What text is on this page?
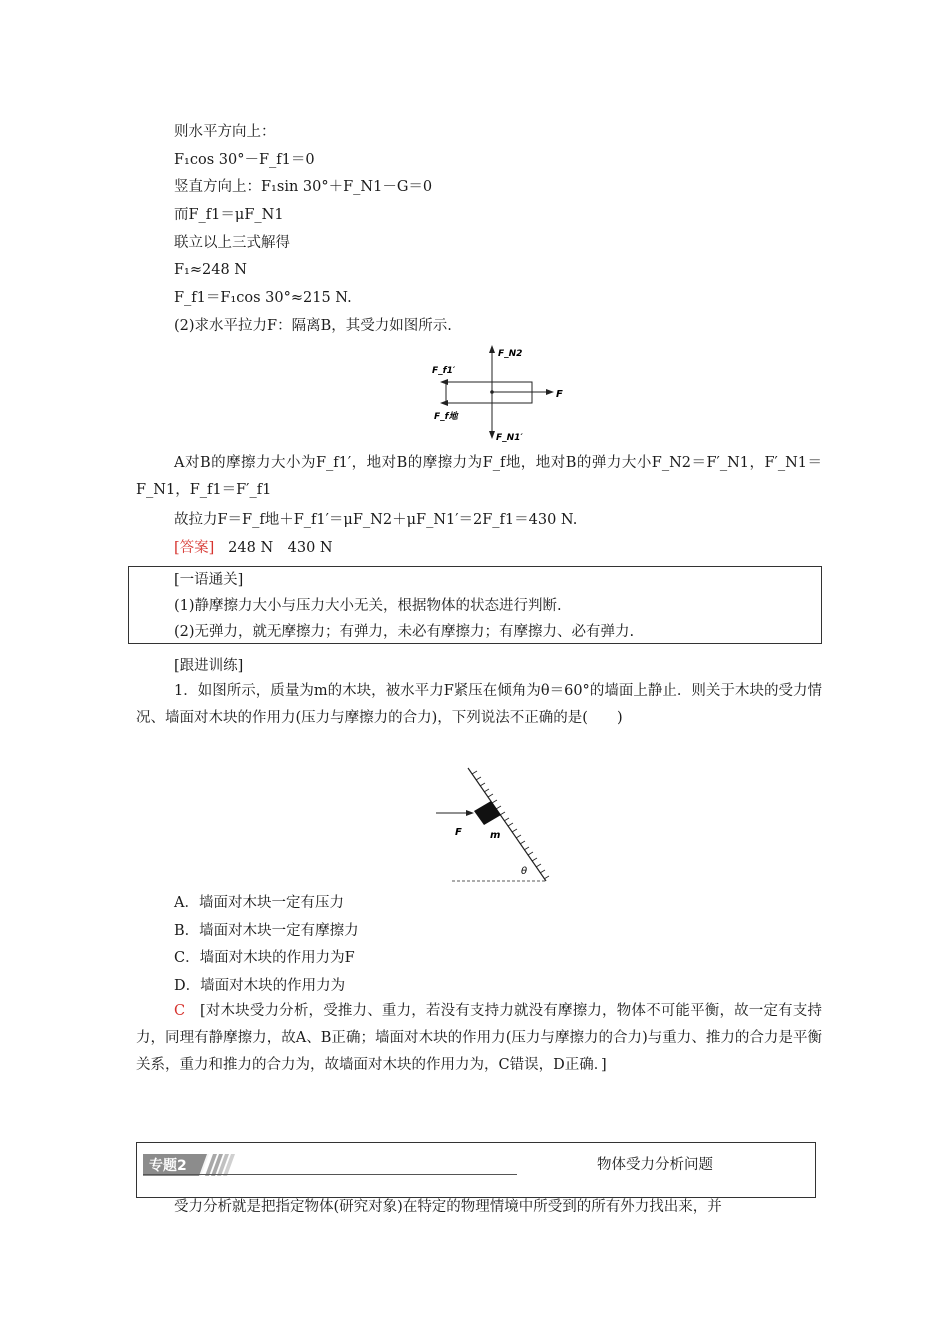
则水平方向上：
F₁cos 30°－F_f1＝0
竖直方向上：F₁sin 30°＋F_N1－G＝0
而F_f1＝μF_N1
联立以上三式解得
F₁≈248 N
F_f1＝F₁cos 30°≈215 N.
(2)求水平拉力F：隔离B，其受力如图所示.
F_N2
F_f1′
F
F_f地
F_N1′
A对B的摩擦力大小为F_f1′，地对B的摩擦力为F_f地，地对B的弹力大小F_N2＝F′_N1，F′_N1＝F_N1，F_f1＝F′_f1
故拉力F＝F_f地＋F_f1′＝μF_N2＋μF_N1′＝2F_f1＝430 N.
[答案] 248 N　430 N
[一语通关]
(1)静摩擦力大小与压力大小无关，根据物体的状态进行判断.
(2)无弹力，就无摩擦力；有弹力，未必有摩擦力；有摩擦力、必有弹力.
[跟进训练]
1．如图所示，质量为m的木块，被水平力F紧压在倾角为θ＝60°的墙面上静止．则关于木块的受力情况、墙面对木块的作用力(压力与摩擦力的合力)，下列说法不正确的是(　　)
F	m
θ
A．墙面对木块一定有压力
B．墙面对木块一定有摩擦力
C．墙面对木块的作用力为F
D．墙面对木块的作用力为
C　 [对木块受力分析，受推力、重力，若没有支持力就没有摩擦力，物体不可能平衡，故一定有支持力，同理有静摩擦力，故A、B正确；墙面对木块的作用力(压力与摩擦力的合力)与重力、推力的合力是平衡关系，重力和推力的合力为，故墙面对木块的作用力为，C错误，D正确．]
专题2	物体受力分析问题
受力分析就是把指定物体(研究对象)在特定的物理情境中所受到的所有外力找出来，并
